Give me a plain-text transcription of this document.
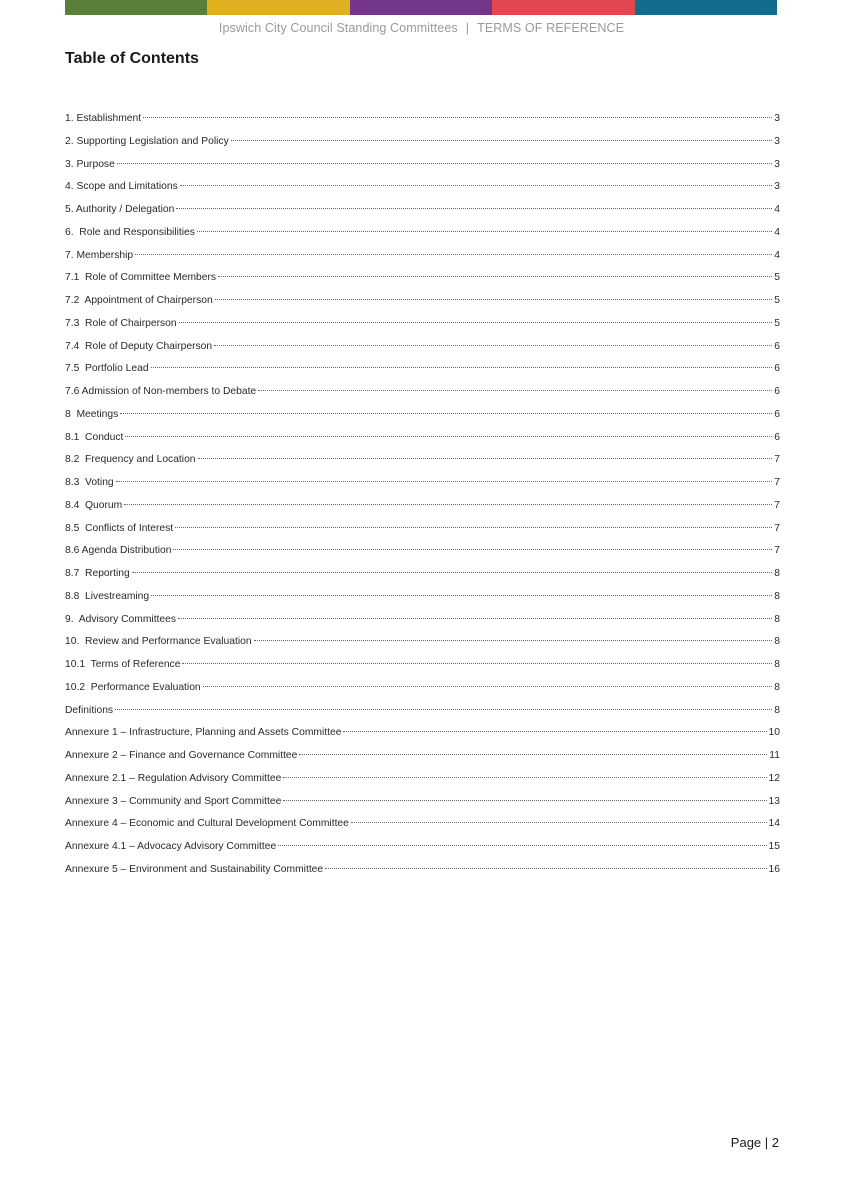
Ipswich City Council Standing Committees | TERMS OF REFERENCE
Table of Contents
1. Establishment	3
2. Supporting Legislation and Policy	3
3. Purpose	3
4. Scope and Limitations	3
5. Authority / Delegation	4
6.  Role and Responsibilities	4
7. Membership	4
7.1  Role of Committee Members	5
7.2  Appointment of Chairperson	5
7.3  Role of Chairperson	5
7.4  Role of Deputy Chairperson	6
7.5  Portfolio Lead	6
7.6 Admission of Non-members to Debate	6
8  Meetings	6
8.1  Conduct	6
8.2  Frequency and Location	7
8.3  Voting	7
8.4  Quorum	7
8.5  Conflicts of Interest	7
8.6 Agenda Distribution	7
8.7  Reporting	8
8.8  Livestreaming	8
9.  Advisory Committees	8
10.  Review and Performance Evaluation	8
10.1  Terms of Reference	8
10.2  Performance Evaluation	8
Definitions	8
Annexure 1 – Infrastructure, Planning and Assets Committee	10
Annexure 2 – Finance and Governance Committee	11
Annexure 2.1 – Regulation Advisory Committee	12
Annexure 3 – Community and Sport Committee	13
Annexure 4 – Economic and Cultural Development Committee	14
Annexure 4.1 – Advocacy Advisory Committee	15
Annexure 5 – Environment and Sustainability Committee	16
Page | 2
